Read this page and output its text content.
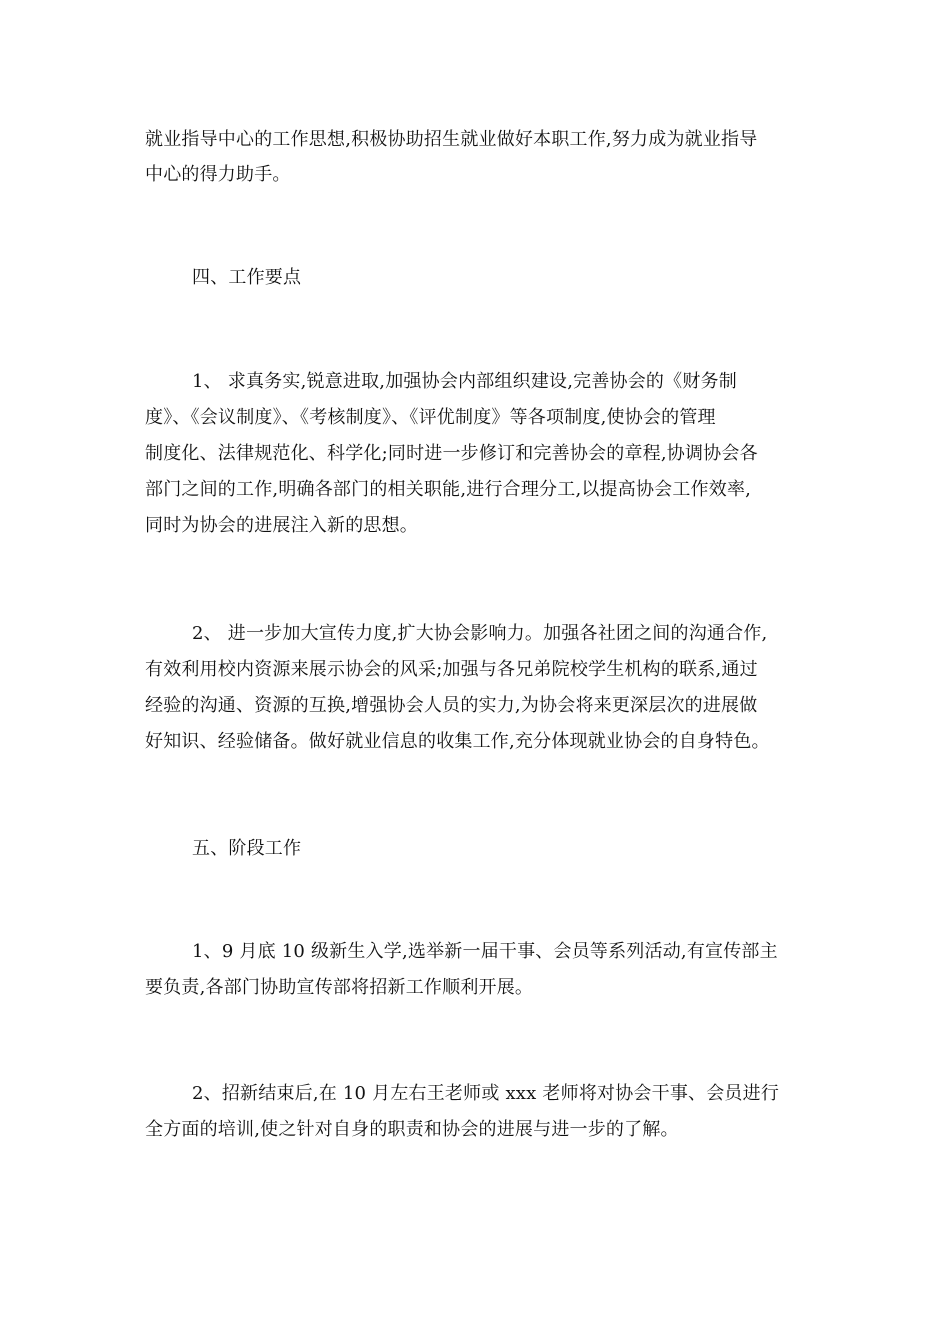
就业指导中心的工作思想,积极协助招生就业做好本职工作,努力成为就业指导
中心的得力助手。
四、工作要点
1、 求真务实,锐意进取,加强协会内部组织建设,完善协会的《财务制
度》、《会议制度》、《考核制度》、《评优制度》等各项制度,使协会的管理
制度化、法律规范化、科学化;同时进一步修订和完善协会的章程,协调协会各
部门之间的工作,明确各部门的相关职能,进行合理分工,以提高协会工作效率,
同时为协会的进展注入新的思想。
2、 进一步加大宣传力度,扩大协会影响力。加强各社团之间的沟通合作,
有效利用校内资源来展示协会的风采;加强与各兄弟院校学生机构的联系,通过
经验的沟通、资源的互换,增强协会人员的实力,为协会将来更深层次的进展做
好知识、经验储备。做好就业信息的收集工作,充分体现就业协会的自身特色。
五、阶段工作
1、9 月底 10 级新生入学,选举新一届干事、会员等系列活动,有宣传部主
要负责,各部门协助宣传部将招新工作顺利开展。
2、招新结束后,在 10 月左右王老师或 xxx 老师将对协会干事、会员进行
全方面的培训,使之针对自身的职责和协会的进展与进一步的了解。
